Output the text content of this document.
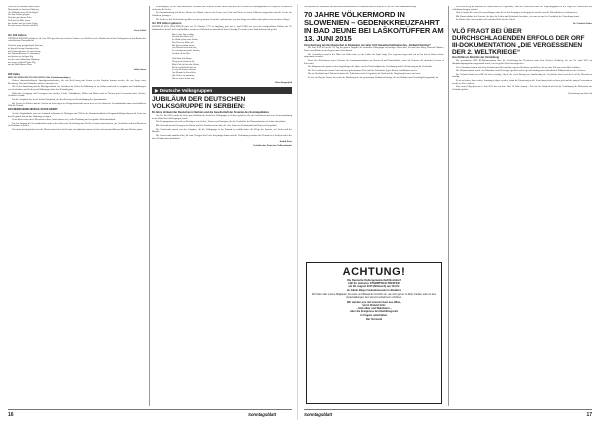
Und nun mit tausend neuen Schall
Durchziehn es Land und Weg nun,
Als Wolkenbrausen & Nachtigall
Vor den Leiden gelegen.
Und den gen diesen Echo
Und den mit Blitz sterne
den Lieder sind zu lichen Lichte
Erweise unsere Hymne und Bild.

Ernst Geibel

Vor 100 Jahren

GENERAL BUCHER schlägt am 16. Juni 1925 geschlossen mit dem Freiherrn von Wallisch sechs Windeln die dritten Gebirgstaler in den Rücken der schwäbischen Heeresfläche.

Und fuhr ging steingedirgelt Land ein,
da fing die lustige Sonntag schon,
die Linden flammen ich und schnen
das Tausendblumen im Ahnenland,
und fahren ein heiligen Ruf,
und ich mein Wehselnde Hoffnung
nun man mit Weck Gottes Hof,
nun du Wald Ramen Haus.

Julius Sturm

200 Jahre

DER TECHNISCHE HOCHSCHULE (Die Urbanbemächtiger)

Weitere donauschwäbische Sprachgemeinschaften, die von Bei-Gesang mit Leuten zu den Ländern benutzt werden, die von Lager eines Kreuzberg, Jahr und Volksleben sind zu erforschen ist.

Wie in der Sammlung und der Musikgeschichte der Vorfahren im Gebiet der Mündung ist zu erfahren und sind in Ausgaben und Aufführungen von Geschichten und Liedern mit Widmungen über den Heimatbeginn.

Zahlreiche Lehrgänge und Gesangsvereine wurden, Lieder, Schallplatten, Bilder und Bücher und zu Themen jeder Generation dazu, Werken, Gedichten erzählt.

Für die Ausgaben hier in der Schule Dortmund, der Bevölkerung von Beschäftigung der Sprachfamilie.

Die Lieder der Kinder und der Großen im Schweigen der Dorfgemeinschaft waren stets wie der Staub der Verwandtschaft immer im ländlichen Volk die Heimat.

DAS MENSCHENSCHICKSAL IN DER HEIMAT

Auf der Originalbasis von einer Auskunft in Bosnien in Thüringen und 1936 in der Donauschwäbischen Hauptstadt Belgrad kamen die Leute aus dem Bergland, um für ihre Wohnung zu ringen.

Trotz allem waren diese Menschen in ihrer Arbeit immer treu, voller Hoffnung und von großer Widerstandskraft.

Für den Vorgang der Verwandtschaft wurde in den Jahren der Vertreibung zum Teil der Versuch unternommen, der Geschichte und den Menschen ein Denkmal zu setzen.

Wer nicht zurückgekehrt ist in der Heimat und sich in der Fremde zurechtfinden musste, hat dies mit unvorstellbarem Mut und Glauben getan.

Siebenbürgen, wo sie Sudetendeutsche Verfasser daß Heinrich Schulz sieben sind nach den Worten des Sonntagsblattes zu vergessen erschrechen vielerorts die Lieder.

Im Zusammenhang mit diesen Werken der Musik wird zu den Festen von Groß und Klein zu einem Volksfest ausgerichtet und die Lieder der Vorfahren gesungen.

Die Lieder in den Liederheften gefallen von der gesamten Gemeinde, und mancher von den Jüngeren erzählte auch später noch von diesen Tagen.

Vor 250 Jahren geboren

WILHELM VON GRAFENECK (geb. am 13. Oktober 1775 in Augsburg, gest. am 5. April 1849) war einer der erfolgreichsten Dichter des 19. Jahrhunderts. Seine Lieder und Balladen wurden zu Volksliedern und sind bis heute lebendig. Es wurde in der Stadt bekannt und geehrt.

Nun ist der Tag vorüber,
Versinkt die Sonne still,
Im Walde spielt mein Lieder,
Das Herz zur Ruhe will.
Die Sterne ziehen weiter,
Am Himmel hoch und weit,
Es schweigt nun jeder Streiter,
Vorüber ist die Zeit.

Wohl über alle Berge
Fliegt mein Gebet zu dir,
Mein Gott, du bist der Stärke,
Du bist und bleibst bei mir.
So wie die Sonne scheinet,
Am Morgen licht und klar,
Hat Gott es so gemeinet,
Wie es schon immer war.

Albert Bangenfeld

▶ Deutsche Volksgruppen

JUBILÄUM DER DEUTSCHEN VOLKSGRUPPE IN SERBIEN:

80 Jahre Verband der Deutschen in Serbien und die Gesellschaft der Freunde des Sonntagsblattes

Am 26. Juni 2015 wurde die Rede zum Jubiläum der deutschen Volksgruppe in Serbien gehalten, die mit Gottesdienst und einer Festveranstaltung in der Stadt Novi Sad begangen wurde.

Das Festprogramm war reich an Beiträgen von Liedern, Tänzen und Vorträgen, die die Geschichte der Donauschwaben in Serbien darstellten.

Mit Gottesdienst und Gesang in der Kirche und den Zuschauern im Saal, die viele Gäste aus Deutschland und Österreich begrüßten.

Der Vorsitzende sprach von den Aufgaben, die die Volksgruppe in der Zukunft zu erfüllen habe: die Pflege der Sprache, der Lieder und der Bräuche.

Die Anwesenden dankten allen, die zum Gelingen des Festes beigetragen hatten und die Verbindung zwischen den Deutschen in Serbien und in der alten Heimat aufrechterhielten.

Rudolf Weiss

Präsident des Deutschen Volksverbandes

16	Sonntagsblatt

Presseforum des Verbandes der deutschen Kulturvereine im Landesmuseum in Wien am 23.06.2015 und Bekanntmachung

70 JAHRE VÖLKERMORD IN SLOWENIEN – GEDENKKREUZFAHRT IN BAD JEUNE BEI LAŠKO/TÜFFER AM 13. JUNI 2015

Verschwörung bei den Deutschen in Slowenien vor einer VLO-Gemeinschaftsreise des „Verband Kärntner“

Bei Juni 2015 fiel an der 70. Tag der großen Tragödie der deutschen Volksgruppe im heutigen Slowenien, als nach dem Krieg Tausende Männer, Frauen und Kinder in den Lagern ums Leben kamen.

Die Gedenkfeier fand in der Nähe von Laško statt, wo die Gräber der Opfer lange Zeit vergessen lagen und erst in den letzten Jahren wieder aufgefunden wurden.

Unter den Teilnehmern waren Vertreter der Landsmannschaften aus Österreich und Deutschland, sowie die Vertreter der deutschen Vereine in Slowenien.

Der Bürgermeister sprach zu den Angehörigen der Opfer von der Notwendigkeit der Versöhnung und der Erinnerung an die Geschichte.

Die Feier schloss mit einem Gebet und dem gemeinsamen Lied, und die Teilnehmer legten Kränze und Blumen nieder.

Bis zur Rückfahrt nach Österreich hatten die Teilnehmer noch Gelegenheit, die Stadt und die Umgebung kennen zu lernen.

Es war ein Tag der Trauer, aber auch der Hoffnung auf eine gemeinsame Zukunft in Europa, die auf Wahrheit und Gerechtigkeit gegründet ist.

ACHTUNG!
Die Deutsche Kulturgemeinschaft Bockdorf
hält ihr nächstes STAMMTISCH-TREFFEN
am 28. August 2015 (Mittwoch) um 18 Uhr
im Jakob Bleyer Heimatmuseum in Budaörs
Wir bitten alle unsere Mitglieder, Freunde und Bekannte herzlich ein, die sich gerne zu Wort melden oder an den Veranstaltungen des Vereins teilnehmen möchten.
Wir werden uns mit unseren Gast aus Wien,
Herrn Roland Gritz
– Historiker und Wahlmann –
über die Ereignisse der Nachkriegszeit
in Ungarn unterhalten.
Der Vorstand

Zeit nach Krieg im Moment der Mittelschule die Ergebnisse, dass den Sachverhalt über die Regierungspartei in der Frage der Vertriebenen zur Aufklärung bringen würden.

Und so fanden die ersten Pressemeldungen statt, die in den Zeitungen wiedergegeben wurden, um die Öffentlichkeit zu informieren.

Mit Worten dankte der Vertreter, der über die Leiden und Schicksale berichtete, wie man sie aus der Geschichte der Vertreibung kennt.

Im Namen aller Anwesenden ein herzlicher Dank für die Arbeit!

Dr. Friedrich Heder

VLÖ FRAGT BEI ÜBER DURCHSCHLAGENDEN ERFOLG DER ORF III-DOKUMENTATION „DIE VERGESSENEN DER 2. WELTKRIEGE“

Zuschriften zu Berichts der Vertreibung

Die gesammelte ORF III-Dokumentation über die Vertreibung der Deutschen nach dem Zweiten Weltkrieg, die am 18. April 2015 im Hauptabendprogramm ausgestrahlt wurde, hat ein großes Echo hervorgerufen.

Viele Zuschauer haben sich beim Verband gemeldet und ihre eigenen Erlebnisse geschildert, die sie zum Teil zum ersten Mal erzählten.

Die Dokumentation wurde von Historikern und Zeitzeugen gestaltet und zeigt auch bislang unveröffentlichtes Bildmaterial aus den Archiven.

Der Verband dankt dem ORF für diese wichtige Arbeit, die einen Beitrag zur Aufarbeitung der Geschichte leistet und das Leid der Betroffenen würdigt.

Es ist zu hoffen, dass weitere Sendungen folgen werden, damit die Erinnerung an die Vertreibung nicht verloren geht und die jungen Generationen von dieser Zeit erfahren.

Zum neuen Pilgerjahr am 2. Juni 2015 hat von dem Titel 70 Jahre danach – Zeit für die Wahrheit und für die Versöhnung die Diskussion der Verbände geführt.

(Fortsetzung auf Seite 18)

Sonntagsblatt	17
